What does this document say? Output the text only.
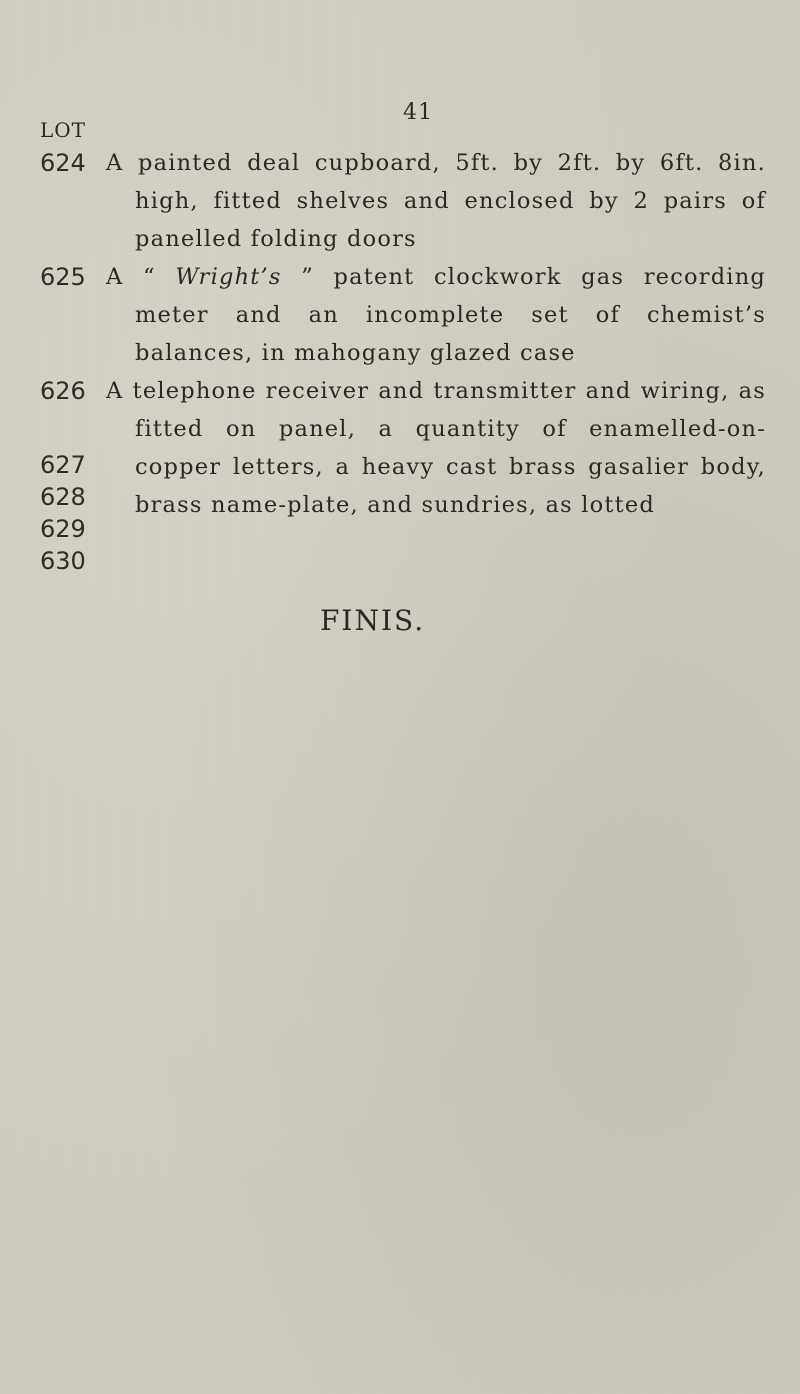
41
LOT
624 A painted deal cupboard, 5ft. by 2ft. by 6ft. 8in. high, fitted shelves and enclosed by 2 pairs of panelled folding doors

625 A “ Wright’s ” patent clockwork gas recording meter and an incomplete set of chemist’s balances, in mahogany glazed case

626 A telephone receiver and transmitter and wiring, as fitted on panel, a quantity of enamelled-on-copper letters, a heavy cast brass gasalier body, brass name-plate, and sundries, as lotted

627
628
629
630
FINIS.
